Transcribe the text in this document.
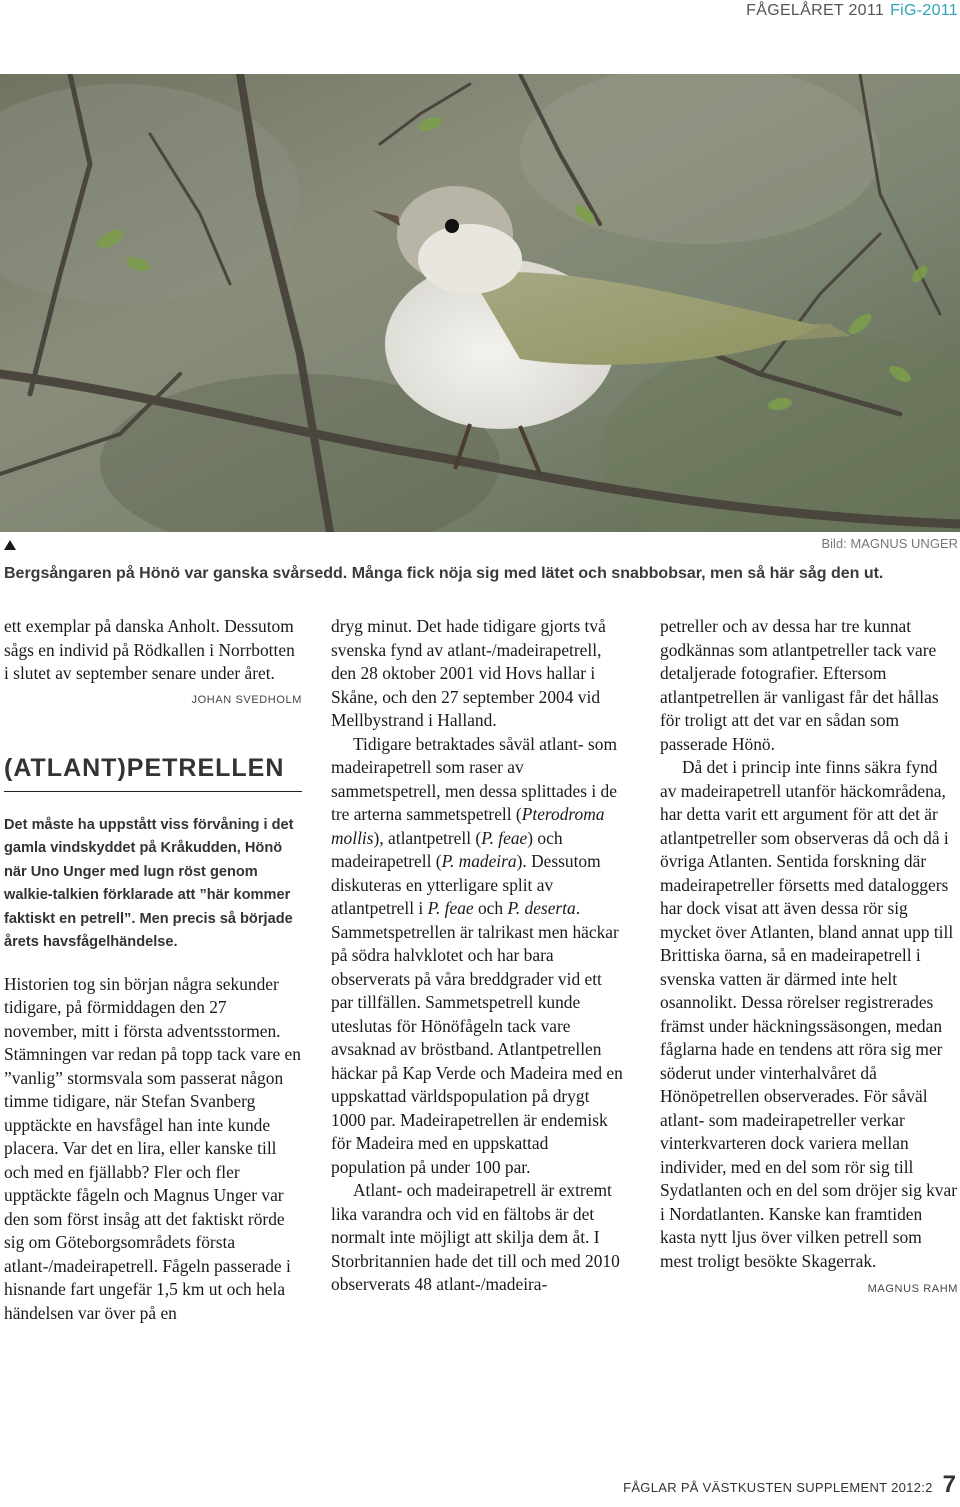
FÅGELÅRET 2011 FiG-2011
Bild: MAGNUS UNGER
Bergsångaren på Hönö var ganska svårsedd. Många fick nöja sig med lätet och snabbobsar, men så här såg den ut.

ett exemplar på danska Anholt. Dessutom sågs en individ på Rödkallen i Norrbotten i slutet av september senare under året.

JOHAN SVEDHOLM

(ATLANT)PETRELLEN

Det måste ha uppstått viss förvåning i det gamla vindskyddet på Kråkudden, Hönö när Uno Unger med lugn röst genom walkie-talkien förklarade att ”här kommer faktiskt en petrell”. Men precis så började årets havsfågelhändelse.

Historien tog sin början några sekunder tidigare, på förmiddagen den 27 november, mitt i första adventsstormen. Stämningen var redan på topp tack vare en ”vanlig” stormsvala som passerat någon timme tidigare, när Stefan Svanberg upptäckte en havsfågel han inte kunde placera. Var det en lira, eller kanske till och med en fjällabb? Fler och fler upptäckte fågeln och Magnus Unger var den som först insåg att det faktiskt rörde sig om Göteborgsområdets första atlant-/madeirapetrell. Fågeln passerade i hisnande fart ungefär 1,5 km ut och hela händelsen var över på en

dryg minut. Det hade tidigare gjorts två svenska fynd av atlant-/madeirapetrell, den 28 oktober 2001 vid Hovs hallar i Skåne, och den 27 september 2004 vid Mellbystrand i Halland.

Tidigare betraktades såväl atlant- som madeirapetrell som raser av sammetspetrell, men dessa splittades i de tre arterna sammetspetrell (Pterodroma mollis), atlantpetrell (P. feae) och madeirapetrell (P. madeira). Dessutom diskuteras en ytterligare split av atlantpetrell i P. feae och P. deserta. Sammetspetrellen är talrikast men häckar på södra halvklotet och har bara observerats på våra breddgrader vid ett par tillfällen. Sammetspetrell kunde uteslutas för Hönöfågeln tack vare avsaknad av bröstband. Atlantpetrellen häckar på Kap Verde och Madeira med en uppskattad världspopulation på drygt 1000 par. Madeirapetrellen är endemisk för Madeira med en uppskattad population på under 100 par.

Atlant- och madeirapetrell är extremt lika varandra och vid en fältobs är det normalt inte möjligt att skilja dem åt. I Storbritannien hade det till och med 2010 observerats 48 atlant-/madeira-

petreller och av dessa har tre kunnat godkännas som atlantpetreller tack vare detaljerade fotografier. Eftersom atlantpetrellen är vanligast får det hållas för troligt att det var en sådan som passerade Hönö.

Då det i princip inte finns säkra fynd av madeirapetrell utanför häckområdena, har detta varit ett argument för att det är atlantpetreller som observeras då och då i övriga Atlanten. Sentida forskning där madeirapetreller försetts med dataloggers har dock visat att även dessa rör sig mycket över Atlanten, bland annat upp till Brittiska öarna, så en madeirapetrell i svenska vatten är därmed inte helt osannolikt. Dessa rörelser registrerades främst under häckningssäsongen, medan fåglarna hade en tendens att röra sig mer söderut under vinterhalvåret då Hönöpetrellen observerades. För såväl atlant- som madeirapetreller verkar vinterkvarteren dock variera mellan individer, med en del som rör sig till Sydatlanten och en del som dröjer sig kvar i Nordatlanten. Kanske kan framtiden kasta nytt ljus över vilken petrell som mest troligt besökte Skagerrak.

MAGNUS RAHM

FÅGLAR PÅ VÄSTKUSTEN SUPPLEMENT 2012:2 7
